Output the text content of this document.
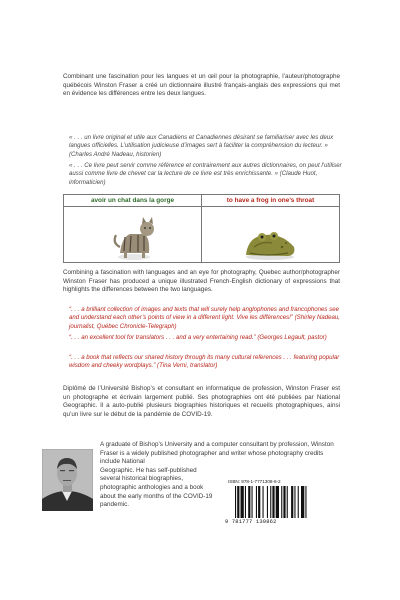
Combinant une fascination pour les langues et un œil pour la photographie, l’auteur/photographe québécois Winston Fraser a créé un dictionnaire illustré français-anglais des expressions qui met en évidence les différences entre les deux langues.

« . . . un livre original et utile aux Canadiens et Canadiennes désirant se familiariser avec les deux langues officielles. L’utilisation judicieuse d’images sert à faciliter la compréhension du lecteur. » (Charles André Nadeau, historien)

« . . . Ce livre peut servir comme référence et contrairement aux autres dictionnaires, on peut l’utiliser aussi comme livre de chevet car la lecture de ce livre est très enrichissante. » (Claude Huot, informaticien)

avoir un chat dans la gorge	to have a frog in one’s throat

Combining a fascination with languages and an eye for photography, Quebec author/photographer Winston Fraser has produced a unique illustrated French-English dictionary of expressions that highlights the differences between the two languages.

“. . . a brilliant collection of images and texts that will surely help anglophones and francophones see and understand each other’s points of view in a different light. Vive les différences!” (Shirley Nadeau, journalist, Québec Chronicle-Telegraph)

“. . . an excellent tool for translators . . . and a very entertaining read.” (Georges Legault, pastor)

“. . . a book that reflects our shared history through its many cultural references . . . featuring popular wisdom and cheeky wordplays.” (Tina Verni, translator)

Diplômé de l’Université Bishop’s et consultant en informatique de profession, Winston Fraser est un photographe et écrivain largement publié. Ses photographies ont été publiées par National Geographic. Il a auto-publié plusieurs biographies historiques et recueils photographiques, ainsi qu’un livre sur le début de la pandémie de COVID-19.

A graduate of Bishop’s University and a computer consultant by profession, Winston Fraser is a widely published photographer and writer whose photography credits include National
Geographic. He has self-published several historical biographies, photographic anthologies and a book about the early months of the COVID-19 pandemic.
ISBN: 978-1-7771308-6-2
9 781777 130862
